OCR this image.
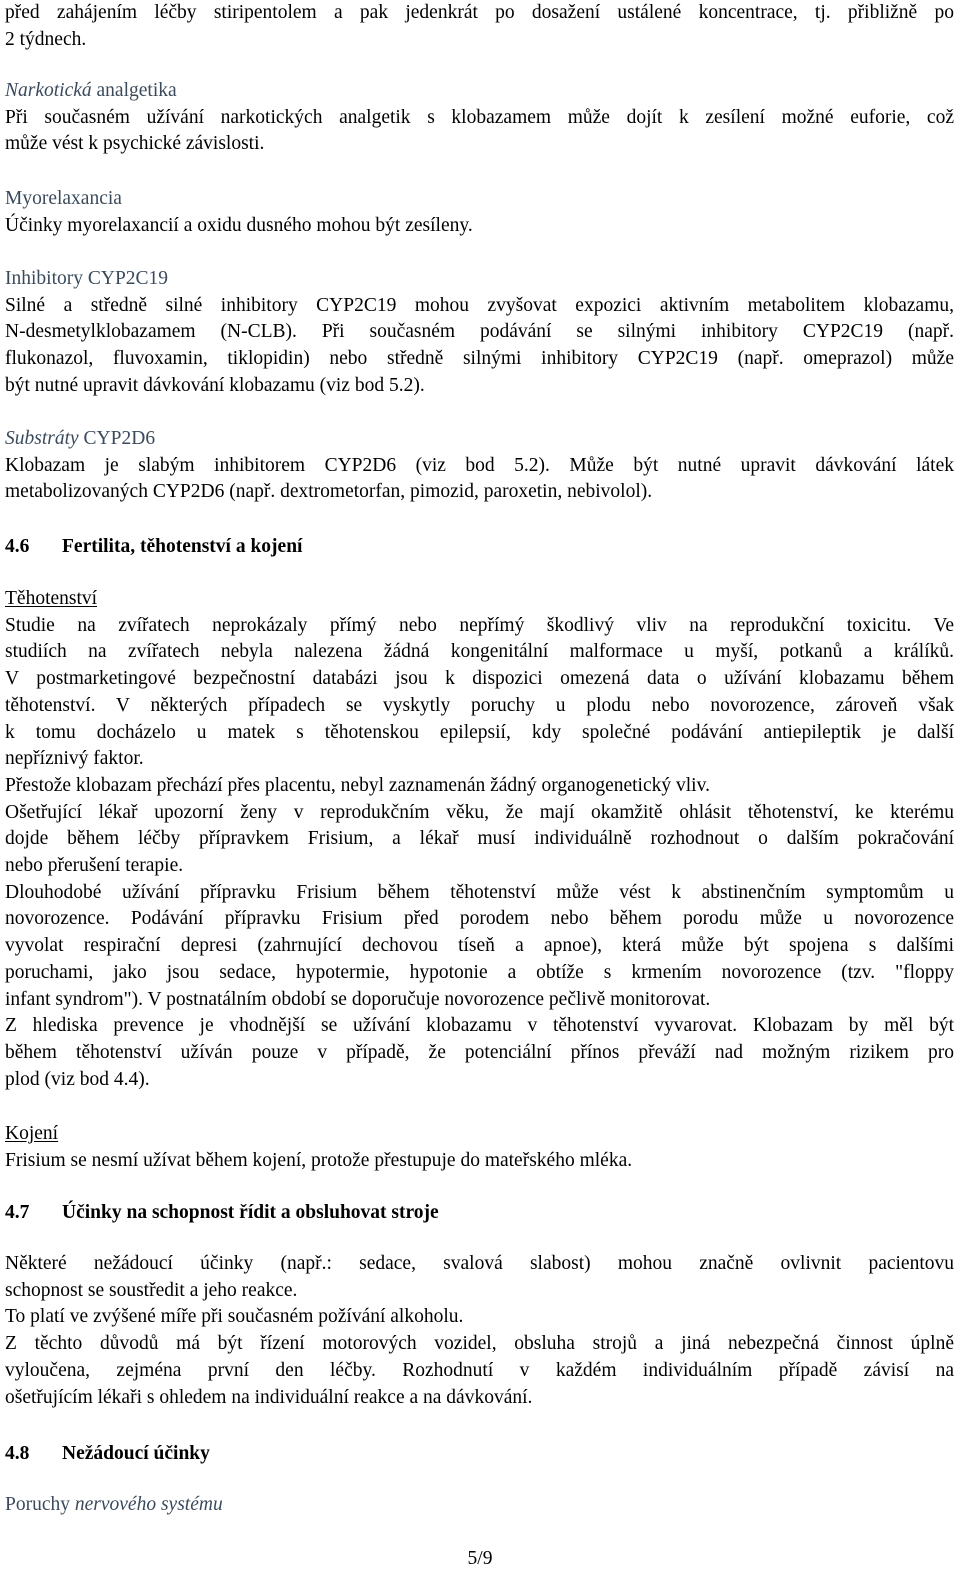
před zahájením léčby stiripentolem a pak jedenkrát po dosažení ustálené koncentrace, tj. přibližně po
2 týdnech.
Narkotická analgetika
Při současném užívání narkotických analgetik s klobazamem může dojít k zesílení možné euforie, což
může vést k psychické závislosti.
Myorelaxancia
Účinky myorelaxancií a oxidu dusného mohou být zesíleny.
Inhibitory CYP2C19
Silné a středně silné inhibitory CYP2C19 mohou zvyšovat expozici aktivním metabolitem klobazamu,
N-desmetylklobazamem (N-CLB). Při současném podávání se silnými inhibitory CYP2C19 (např.
flukonazol, fluvoxamin, tiklopidin) nebo středně silnými inhibitory CYP2C19 (např. omeprazol) může
být nutné upravit dávkování klobazamu (viz bod 5.2).
Substráty CYP2D6
Klobazam je slabým inhibitorem CYP2D6 (viz bod 5.2). Může být nutné upravit dávkování látek
metabolizovaných CYP2D6 (např. dextrometorfan, pimozid, paroxetin, nebivolol).
4.6 Fertilita, těhotenství a kojení
Těhotenství
Studie na zvířatech neprokázaly přímý nebo nepřímý škodlivý vliv na reprodukční toxicitu. Ve
studiích na zvířatech nebyla nalezena žádná kongenitální malformace u myší, potkanů a králíků.
V postmarketingové bezpečnostní databázi jsou k dispozici omezená data o užívání klobazamu během
těhotenství. V některých případech se vyskytly poruchy u plodu nebo novorozence, zároveň však
k tomu docházelo u matek s těhotenskou epilepsií, kdy společné podávání antiepileptik je další
nepříznivý faktor.
Přestože klobazam přechází přes placentu, nebyl zaznamenán žádný organogenetický vliv.
Ošetřující lékař upozorní ženy v reprodukčním věku, že mají okamžitě ohlásit těhotenství, ke kterému
dojde během léčby přípravkem Frisium, a lékař musí individuálně rozhodnout o dalším pokračování
nebo přerušení terapie.
Dlouhodobé užívání přípravku Frisium během těhotenství může vést k abstinenčním symptomům u
novorozence. Podávání přípravku Frisium před porodem nebo během porodu může u novorozence
vyvolat respirační depresi (zahrnující dechovou tíseň a apnoe), která může být spojena s dalšími
poruchami, jako jsou sedace, hypotermie, hypotonie a obtíže s krmením novorozence (tzv. "floppy
infant syndrom"). V postnatálním období se doporučuje novorozence pečlivě monitorovat.
Z hlediska prevence je vhodnější se užívání klobazamu v těhotenství vyvarovat. Klobazam by měl být
během těhotenství užíván pouze v případě, že potenciální přínos převáží nad možným rizikem pro
plod (viz bod 4.4).
Kojení
Frisium se nesmí užívat během kojení, protože přestupuje do mateřského mléka.
4.7 Účinky na schopnost řídit a obsluhovat stroje
Některé nežádoucí účinky (např.: sedace, svalová slabost) mohou značně ovlivnit pacientovu
schopnost se soustředit a jeho reakce.
To platí ve zvýšené míře při současném požívání alkoholu.
Z těchto důvodů má být řízení motorových vozidel, obsluha strojů a jiná nebezpečná činnost úplně
vyloučena, zejména první den léčby. Rozhodnutí v každém individuálním případě závisí na
ošetřujícím lékaři s ohledem na individuální reakce a na dávkování.
4.8 Nežádoucí účinky
Poruchy nervového systému
5/9
